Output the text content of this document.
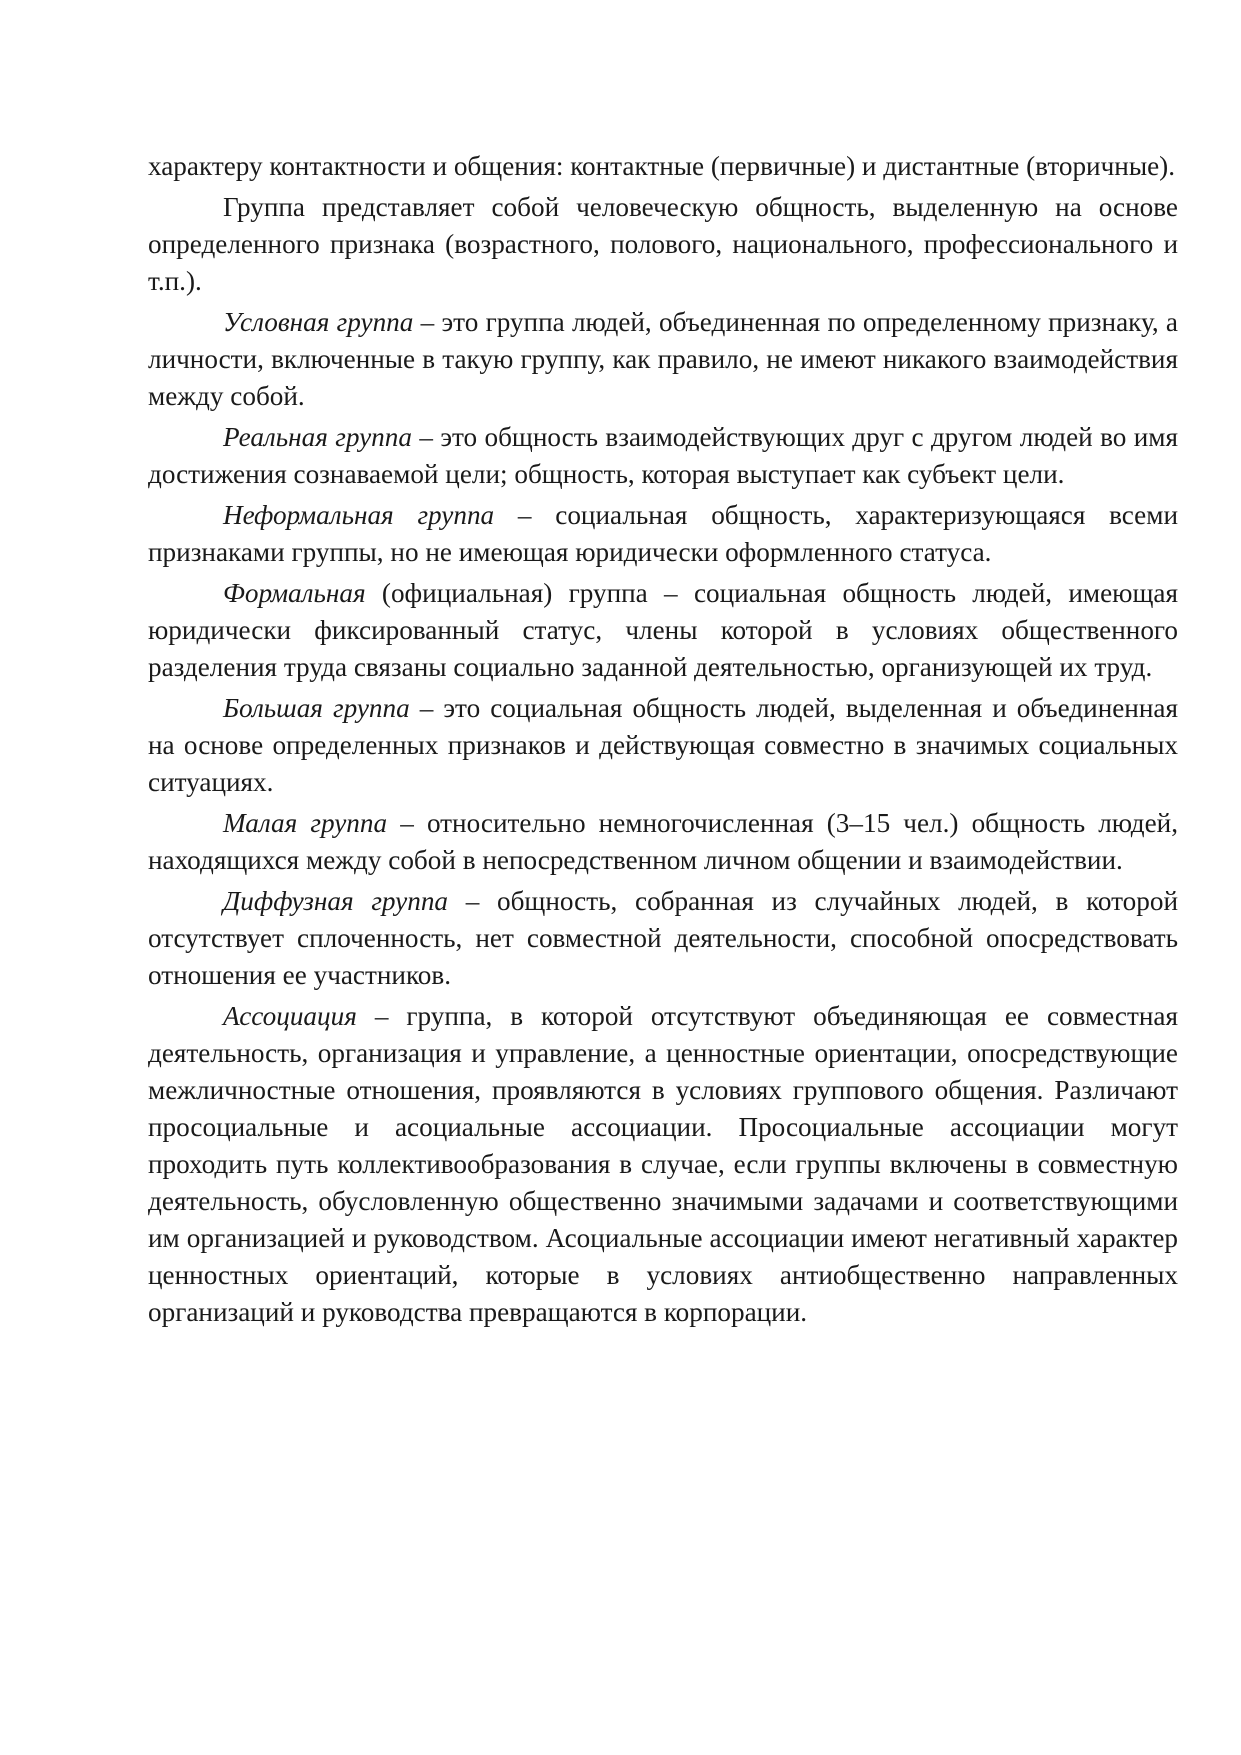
характеру контактности и общения: контактные (первичные) и дистантные (вторичные).

Группа представляет собой человеческую общность, выделенную на основе определенного признака (возрастного, полового, национального, профессионального и т.п.).

Условная группа – это группа людей, объединенная по определенному признаку, а личности, включенные в такую группу, как правило, не имеют никакого взаимодействия между собой.

Реальная группа – это общность взаимодействующих друг с другом людей во имя достижения сознаваемой цели; общность, которая выступает как субъект цели.

Неформальная группа – социальная общность, характеризующаяся всеми признаками группы, но не имеющая юридически оформленного статуса.

Формальная (официальная) группа – социальная общность людей, имеющая юридически фиксированный статус, члены которой в условиях общественного разделения труда связаны социально заданной деятельностью, организующей их труд.

Большая группа – это социальная общность людей, выделенная и объединенная на основе определенных признаков и действующая совместно в значимых социальных ситуациях.

Малая группа – относительно немногочисленная (3–15 чел.) общность людей, находящихся между собой в непосредственном личном общении и взаимодействии.

Диффузная группа – общность, собранная из случайных людей, в которой отсутствует сплоченность, нет совместной деятельности, способной опосредствовать отношения ее участников.

Ассоциация – группа, в которой отсутствуют объединяющая ее совместная деятельность, организация и управление, а ценностные ориентации, опосредствующие межличностные отношения, проявляются в условиях группового общения. Различают просоциальные и асоциальные ассоциации. Просоциальные ассоциации могут проходить путь коллективообразования в случае, если группы включены в совместную деятельность, обусловленную общественно значимыми задачами и соответствующими им организацией и руководством. Асоциальные ассоциации имеют негативный характер ценностных ориентаций, которые в условиях антиобщественно направленных организаций и руководства превращаются в корпорации.
